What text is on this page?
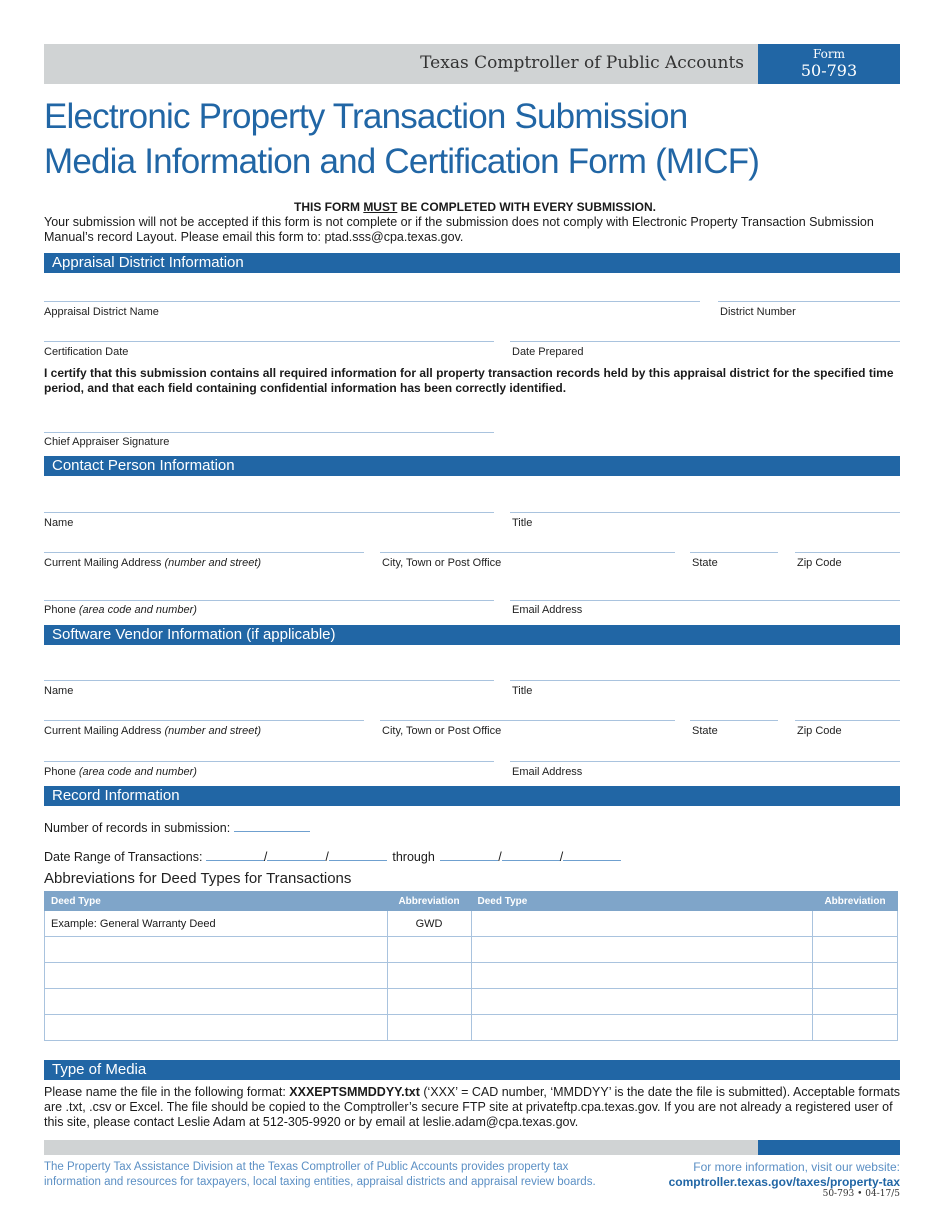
Texas Comptroller of Public Accounts	Form
50-793
Electronic Property Transaction Submission
Media Information and Certification Form (MICF)
THIS FORM MUST BE COMPLETED WITH EVERY SUBMISSION.
Your submission will not be accepted if this form is not complete or if the submission does not comply with Electronic Property Transaction Submission Manual’s record Layout. Please email this form to: ptad.sss@cpa.texas.gov.
Appraisal District Information
Appraisal District Name	District Number
Certification Date	Date Prepared
I certify that this submission contains all required information for all property transaction records held by this appraisal district for the specified time period, and that each field containing confidential information has been correctly identified.
Chief Appraiser Signature
Contact Person Information
Name	Title
Current Mailing Address (number and street)	City, Town or Post Office	State	Zip Code
Phone (area code and number)	Email Address
Software Vendor Information (if applicable)
Name	Title
Current Mailing Address (number and street)	City, Town or Post Office	State	Zip Code
Phone (area code and number)	Email Address
Record Information
Number of records in submission:
Date Range of Transactions:	/	/	through	/	/
Abbreviations for Deed Types for Transactions
Deed Type	Abbreviation	Deed Type	Abbreviation
Example: General Warranty Deed	GWD		

Type of Media
Please name the file in the following format: XXXEPTSMMDDYY.txt (‘XXX’ = CAD number, ‘MMDDYY’ is the date the file is submitted). Acceptable formats are .txt, .csv or Excel. The file should be copied to the Comptroller’s secure FTP site at privateftp.cpa.texas.gov. If you are not already a registered user of this site, please contact Leslie Adam at 512-305-9920 or by email at leslie.adam@cpa.texas.gov.
The Property Tax Assistance Division at the Texas Comptroller of Public Accounts provides property tax information and resources for taxpayers, local taxing entities, appraisal districts and appraisal review boards.
For more information, visit our website:
comptroller.texas.gov/taxes/property-tax
50-793 • 04-17/5
